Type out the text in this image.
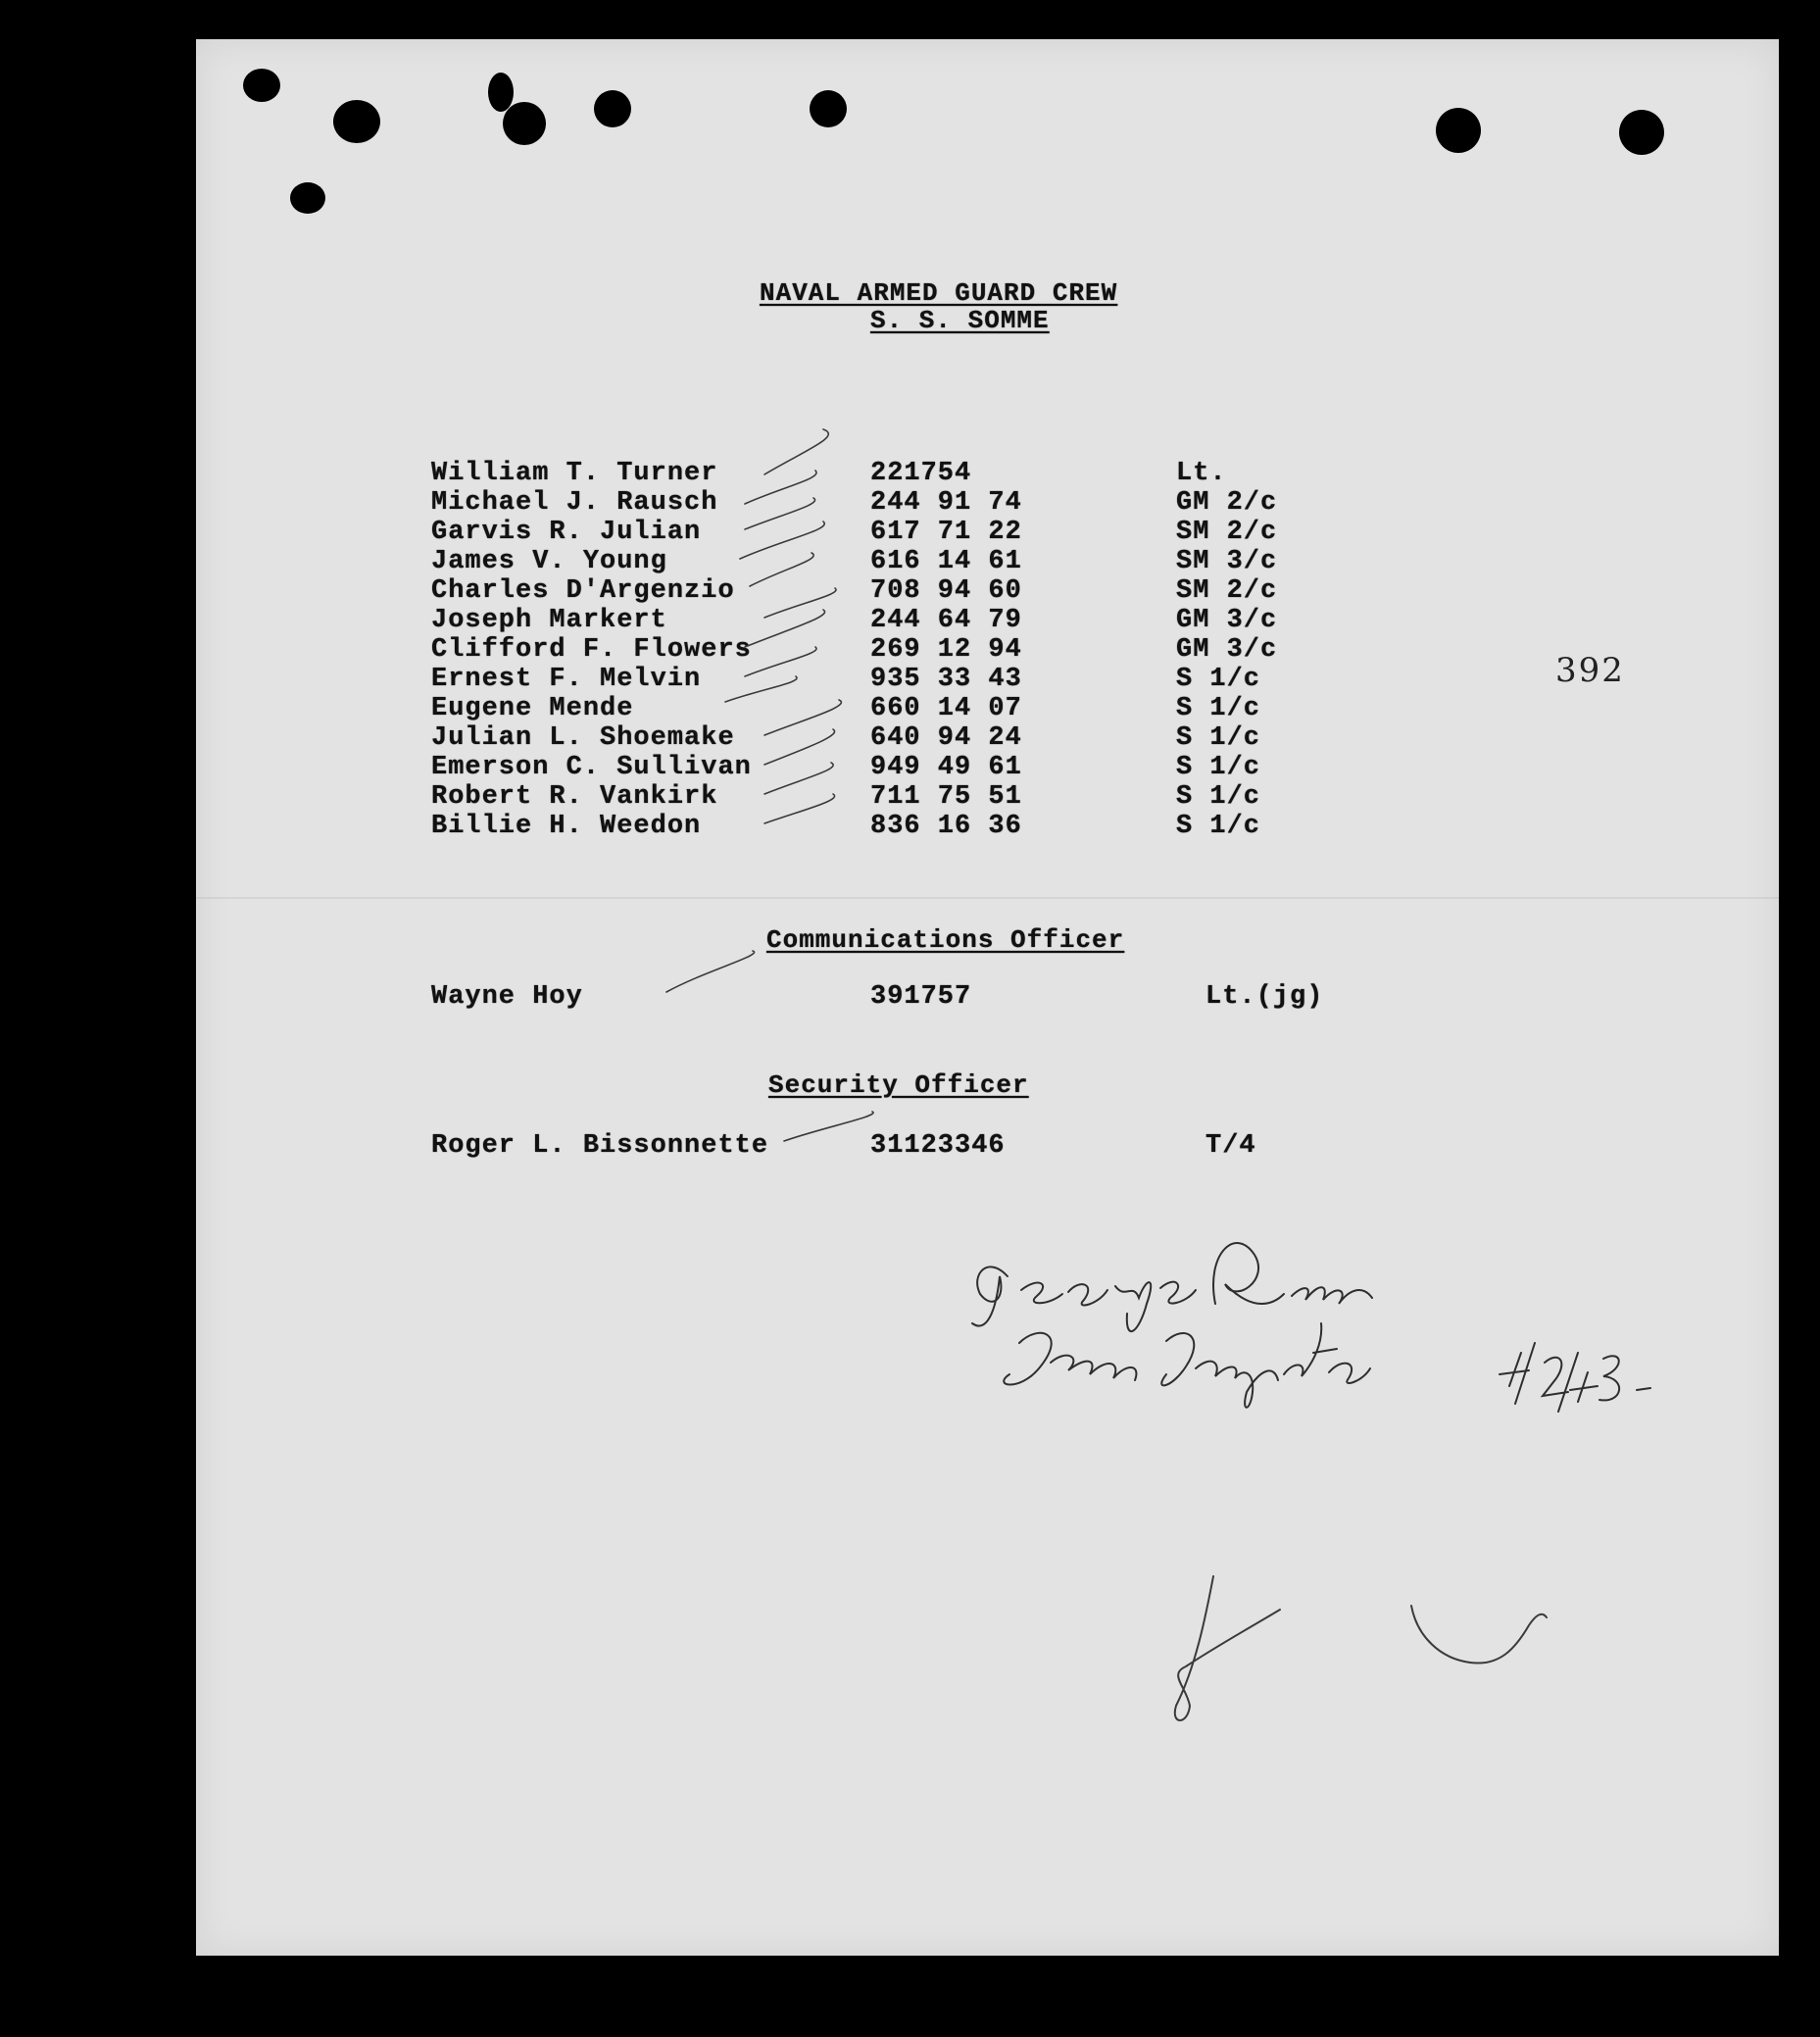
NAVAL ARMED GUARD CREW
S. S. SOMME
William T. Turner	221754	Lt.
Michael J. Rausch	244 91 74	GM 2/c
Garvis R. Julian	617 71 22	SM 2/c
James V. Young	616 14 61	SM 3/c
Charles D'Argenzio	708 94 60	SM 2/c
Joseph Markert	244 64 79	GM 3/c
Clifford F. Flowers	269 12 94	GM 3/c
Ernest F. Melvin	935 33 43	S 1/c
Eugene Mende	660 14 07	S 1/c
Julian L. Shoemake	640 94 24	S 1/c
Emerson C. Sullivan	949 49 61	S 1/c
Robert R. Vankirk	711 75 51	S 1/c
Billie H. Weedon	836 16 36	S 1/c
392
Communications Officer
Wayne Hoy	391757	Lt.(jg)
Security Officer
Roger L. Bissonnette	31123346	T/4
